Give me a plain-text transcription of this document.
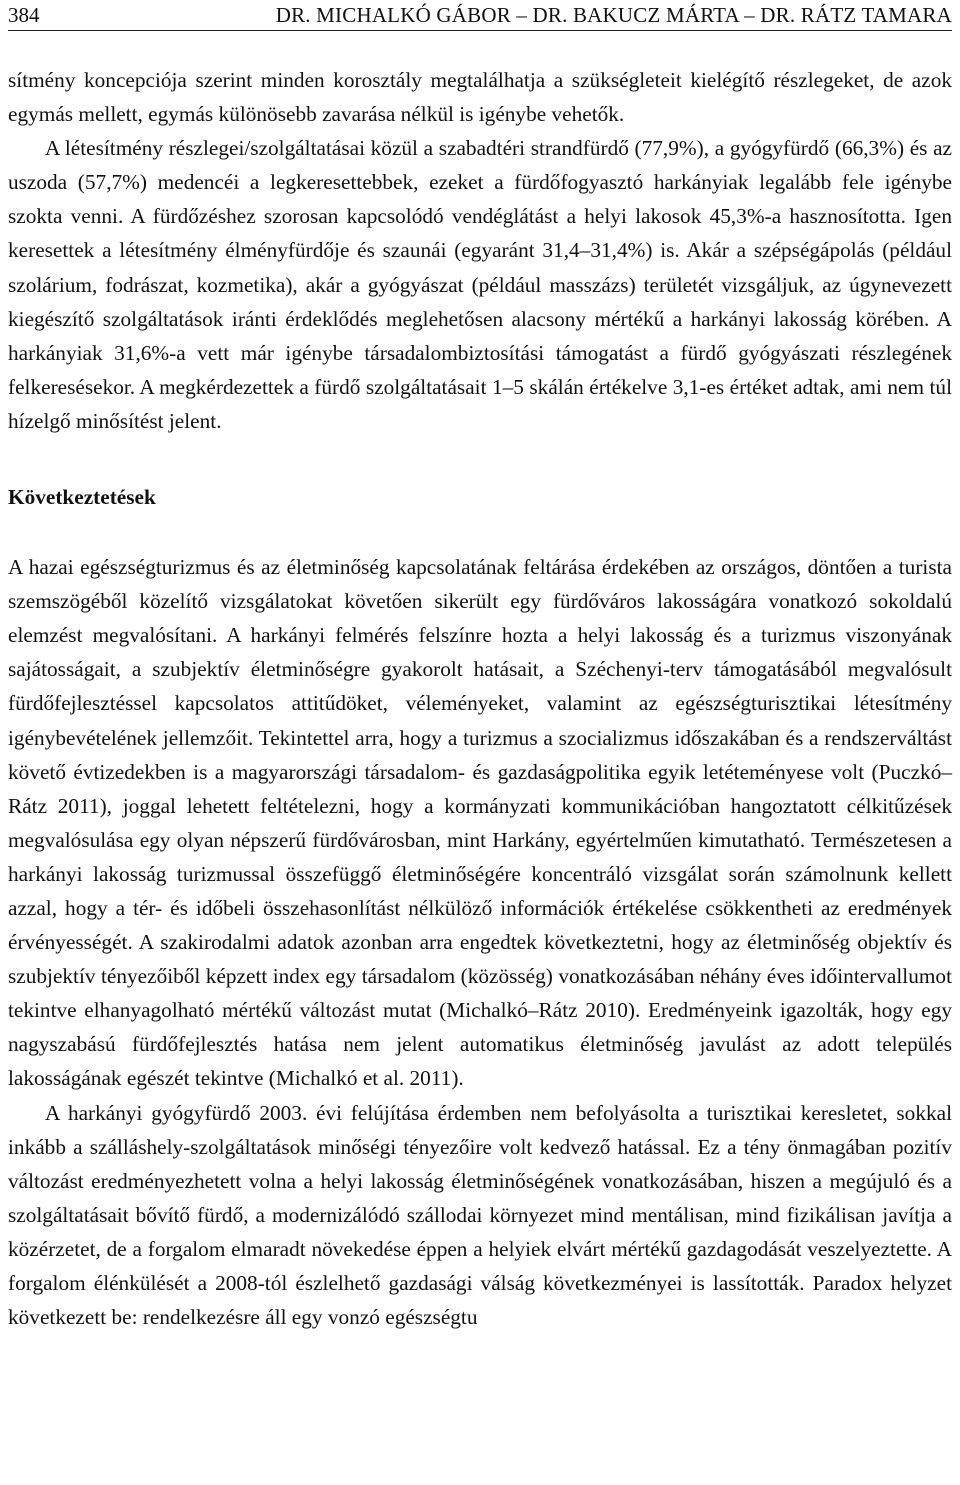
384	DR. MICHALKÓ GÁBOR – DR. BAKUCZ MÁRTA – DR. RÁTZ TAMARA

sítmény koncepciója szerint minden korosztály megtalálhatja a szükségleteit kielégítő részlegeket, de azok egymás mellett, egymás különösebb zavarása nélkül is igénybe vehetők.

A létesítmény részlegei/szolgáltatásai közül a szabadtéri strandfürdő (77,9%), a gyógyfürdő (66,3%) és az uszoda (57,7%) medencéi a legkeresettebbek, ezeket a fürdőfogyasztó harkányiak legalább fele igénybe szokta venni. A fürdőzéshez szorosan kapcsolódó vendéglátást a helyi lakosok 45,3%-a hasznosította. Igen keresettek a létesítmény élményfürdője és szaunái (egyaránt 31,4–31,4%) is. Akár a szépségápolás (például szolárium, fodrászat, kozmetika), akár a gyógyászat (például masszázs) területét vizsgáljuk, az úgynevezett kiegészítő szolgáltatások iránti érdeklődés meglehetősen alacsony mértékű a harkányi lakosság körében. A harkányiak 31,6%-a vett már igénybe társadalombiztosítási támogatást a fürdő gyógyászati részlegének felkeresésekor. A megkérdezettek a fürdő szolgáltatásait 1–5 skálán értékelve 3,1-es értéket adtak, ami nem túl hízelgő minősítést jelent.

Következtetések

A hazai egészségturizmus és az életminőség kapcsolatának feltárása érdekében az országos, döntően a turista szemszögéből közelítő vizsgálatokat követően sikerült egy fürdőváros lakosságára vonatkozó sokoldalú elemzést megvalósítani. A harkányi felmérés felszínre hozta a helyi lakosság és a turizmus viszonyának sajátosságait, a szubjektív életminőségre gyakorolt hatásait, a Széchenyi-terv támogatásából megvalósult fürdőfejlesztéssel kapcsolatos attitűdöket, véleményeket, valamint az egészségturisztikai létesítmény igénybevételének jellemzőit. Tekintettel arra, hogy a turizmus a szocializmus időszakában és a rendszerváltást követő évtizedekben is a magyarországi társadalom- és gazdaságpolitika egyik letéteményese volt (Puczkó–Rátz 2011), joggal lehetett feltételezni, hogy a kormányzati kommunikációban hangoztatott célkitűzések megvalósulása egy olyan népszerű fürdővárosban, mint Harkány, egyértelműen kimutatható. Természetesen a harkányi lakosság turizmussal összefüggő életminőségére koncentráló vizsgálat során számolnunk kellett azzal, hogy a tér- és időbeli összehasonlítást nélkülöző információk értékelése csökkentheti az eredmények érvényességét. A szakirodalmi adatok azonban arra engedtek következtetni, hogy az életminőség objektív és szubjektív tényezőiből képzett index egy társadalom (közösség) vonatkozásában néhány éves időintervallumot tekintve elhanyagolható mértékű változást mutat (Michalkó–Rátz 2010). Eredményeink igazolták, hogy egy nagyszabású fürdőfejlesztés hatása nem jelent automatikus életminőség javulást az adott település lakosságának egészét tekintve (Michalkó et al. 2011).

A harkányi gyógyfürdő 2003. évi felújítása érdemben nem befolyásolta a turisztikai keresletet, sokkal inkább a szálláshely-szolgáltatások minőségi tényezőire volt kedvező hatással. Ez a tény önmagában pozitív változást eredményezhetett volna a helyi lakosság életminőségének vonatkozásában, hiszen a megújuló és a szolgáltatásait bővítő fürdő, a modernizálódó szállodai környezet mind mentálisan, mind fizikálisan javítja a közérzetet, de a forgalom elmaradt növekedése éppen a helyiek elvárt mértékű gazdagodását veszelyeztette. A forgalom élénkülését a 2008-tól észlelhető gazdasági válság következményei is lassították. Paradox helyzet következett be: rendelkezésre áll egy vonzó egészségtu
